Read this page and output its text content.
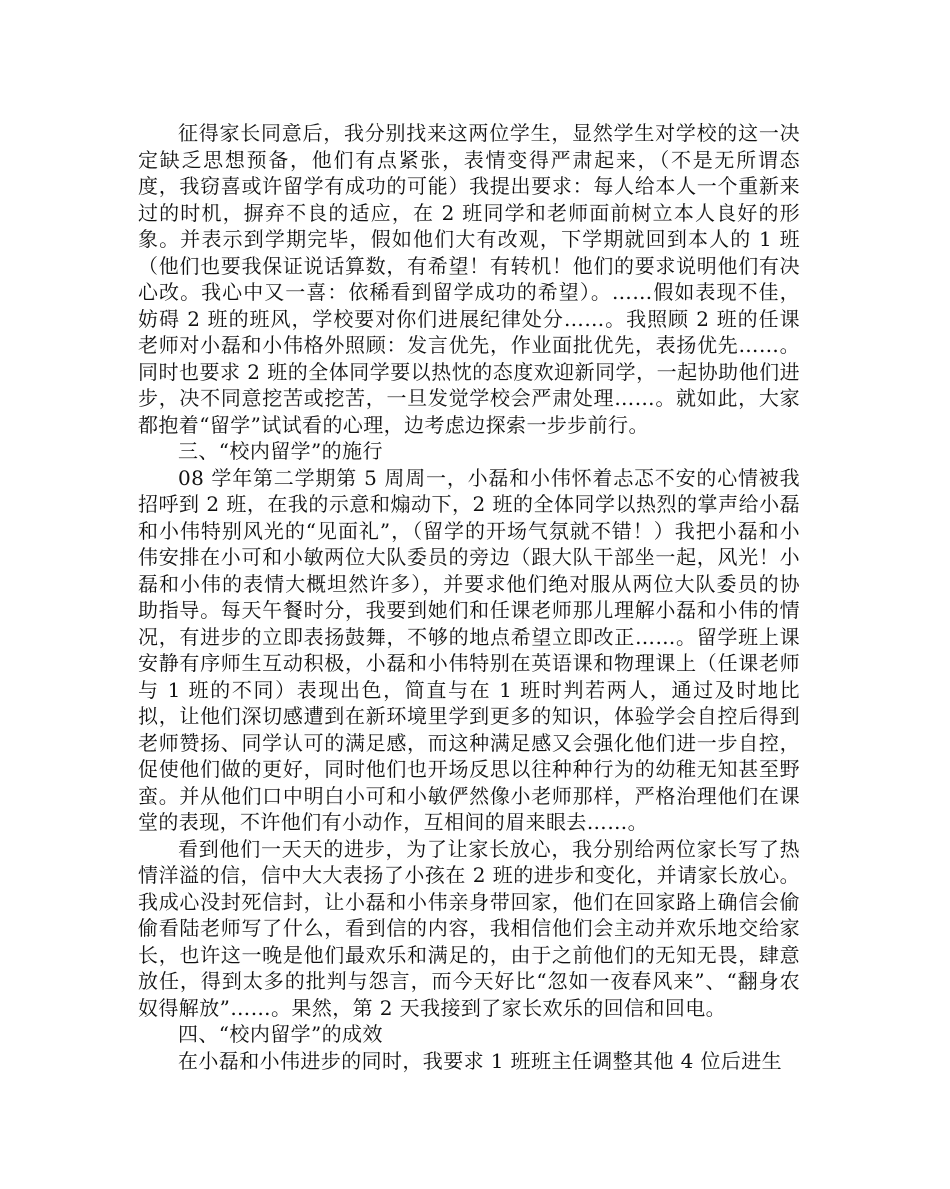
征得家长同意后，我分别找来这两位学生，显然学生对学校的这一决定缺乏思想预备，他们有点紧张，表情变得严肃起来，（不是无所谓态度，我窃喜或许留学有成功的可能）我提出要求：每人给本人一个重新来过的时机，摒弃不良的适应，在 2 班同学和老师面前树立本人良好的形象。并表示到学期完毕，假如他们大有改观，下学期就回到本人的 1 班（他们也要我保证说话算数，有希望！有转机！他们的要求说明他们有决心改。我心中又一喜：依稀看到留学成功的希望）。……假如表现不佳，妨碍 2 班的班风，学校要对你们进展纪律处分……。我照顾 2 班的任课老师对小磊和小伟格外照顾：发言优先，作业面批优先，表扬优先……。同时也要求 2 班的全体同学要以热忱的态度欢迎新同学，一起协助他们进步，决不同意挖苦或挖苦，一旦发觉学校会严肃处理……。就如此，大家都抱着“留学”试试看的心理，边考虑边探索一步步前行。

三、“校内留学”的施行

08 学年第二学期第 5 周周一，小磊和小伟怀着忐忑不安的心情被我招呼到 2 班，在我的示意和煽动下，2 班的全体同学以热烈的掌声给小磊和小伟特别风光的“见面礼”，（留学的开场气氛就不错！）我把小磊和小伟安排在小可和小敏两位大队委员的旁边（跟大队干部坐一起，风光！小磊和小伟的表情大概坦然许多），并要求他们绝对服从两位大队委员的协助指导。每天午餐时分，我要到她们和任课老师那儿理解小磊和小伟的情况，有进步的立即表扬鼓舞，不够的地点希望立即改正……。留学班上课安静有序师生互动积极，小磊和小伟特别在英语课和物理课上（任课老师与 1 班的不同）表现出色，简直与在 1 班时判若两人，通过及时地比拟，让他们深切感遭到在新环境里学到更多的知识，体验学会自控后得到老师赞扬、同学认可的满足感，而这种满足感又会强化他们进一步自控，促使他们做的更好，同时他们也开场反思以往种种行为的幼稚无知甚至野蛮。并从他们口中明白小可和小敏俨然像小老师那样，严格治理他们在课堂的表现，不许他们有小动作，互相间的眉来眼去……。

看到他们一天天的进步，为了让家长放心，我分别给两位家长写了热情洋溢的信，信中大大表扬了小孩在 2 班的进步和变化，并请家长放心。我成心没封死信封，让小磊和小伟亲身带回家，他们在回家路上确信会偷偷看陆老师写了什么，看到信的内容，我相信他们会主动并欢乐地交给家长，也许这一晚是他们最欢乐和满足的，由于之前他们的无知无畏，肆意放任，得到太多的批判与怨言，而今天好比“忽如一夜春风来”、“翻身农奴得解放”……。果然，第 2 天我接到了家长欢乐的回信和回电。

四、“校内留学”的成效

在小磊和小伟进步的同时，我要求 1 班班主任调整其他 4 位后进生
